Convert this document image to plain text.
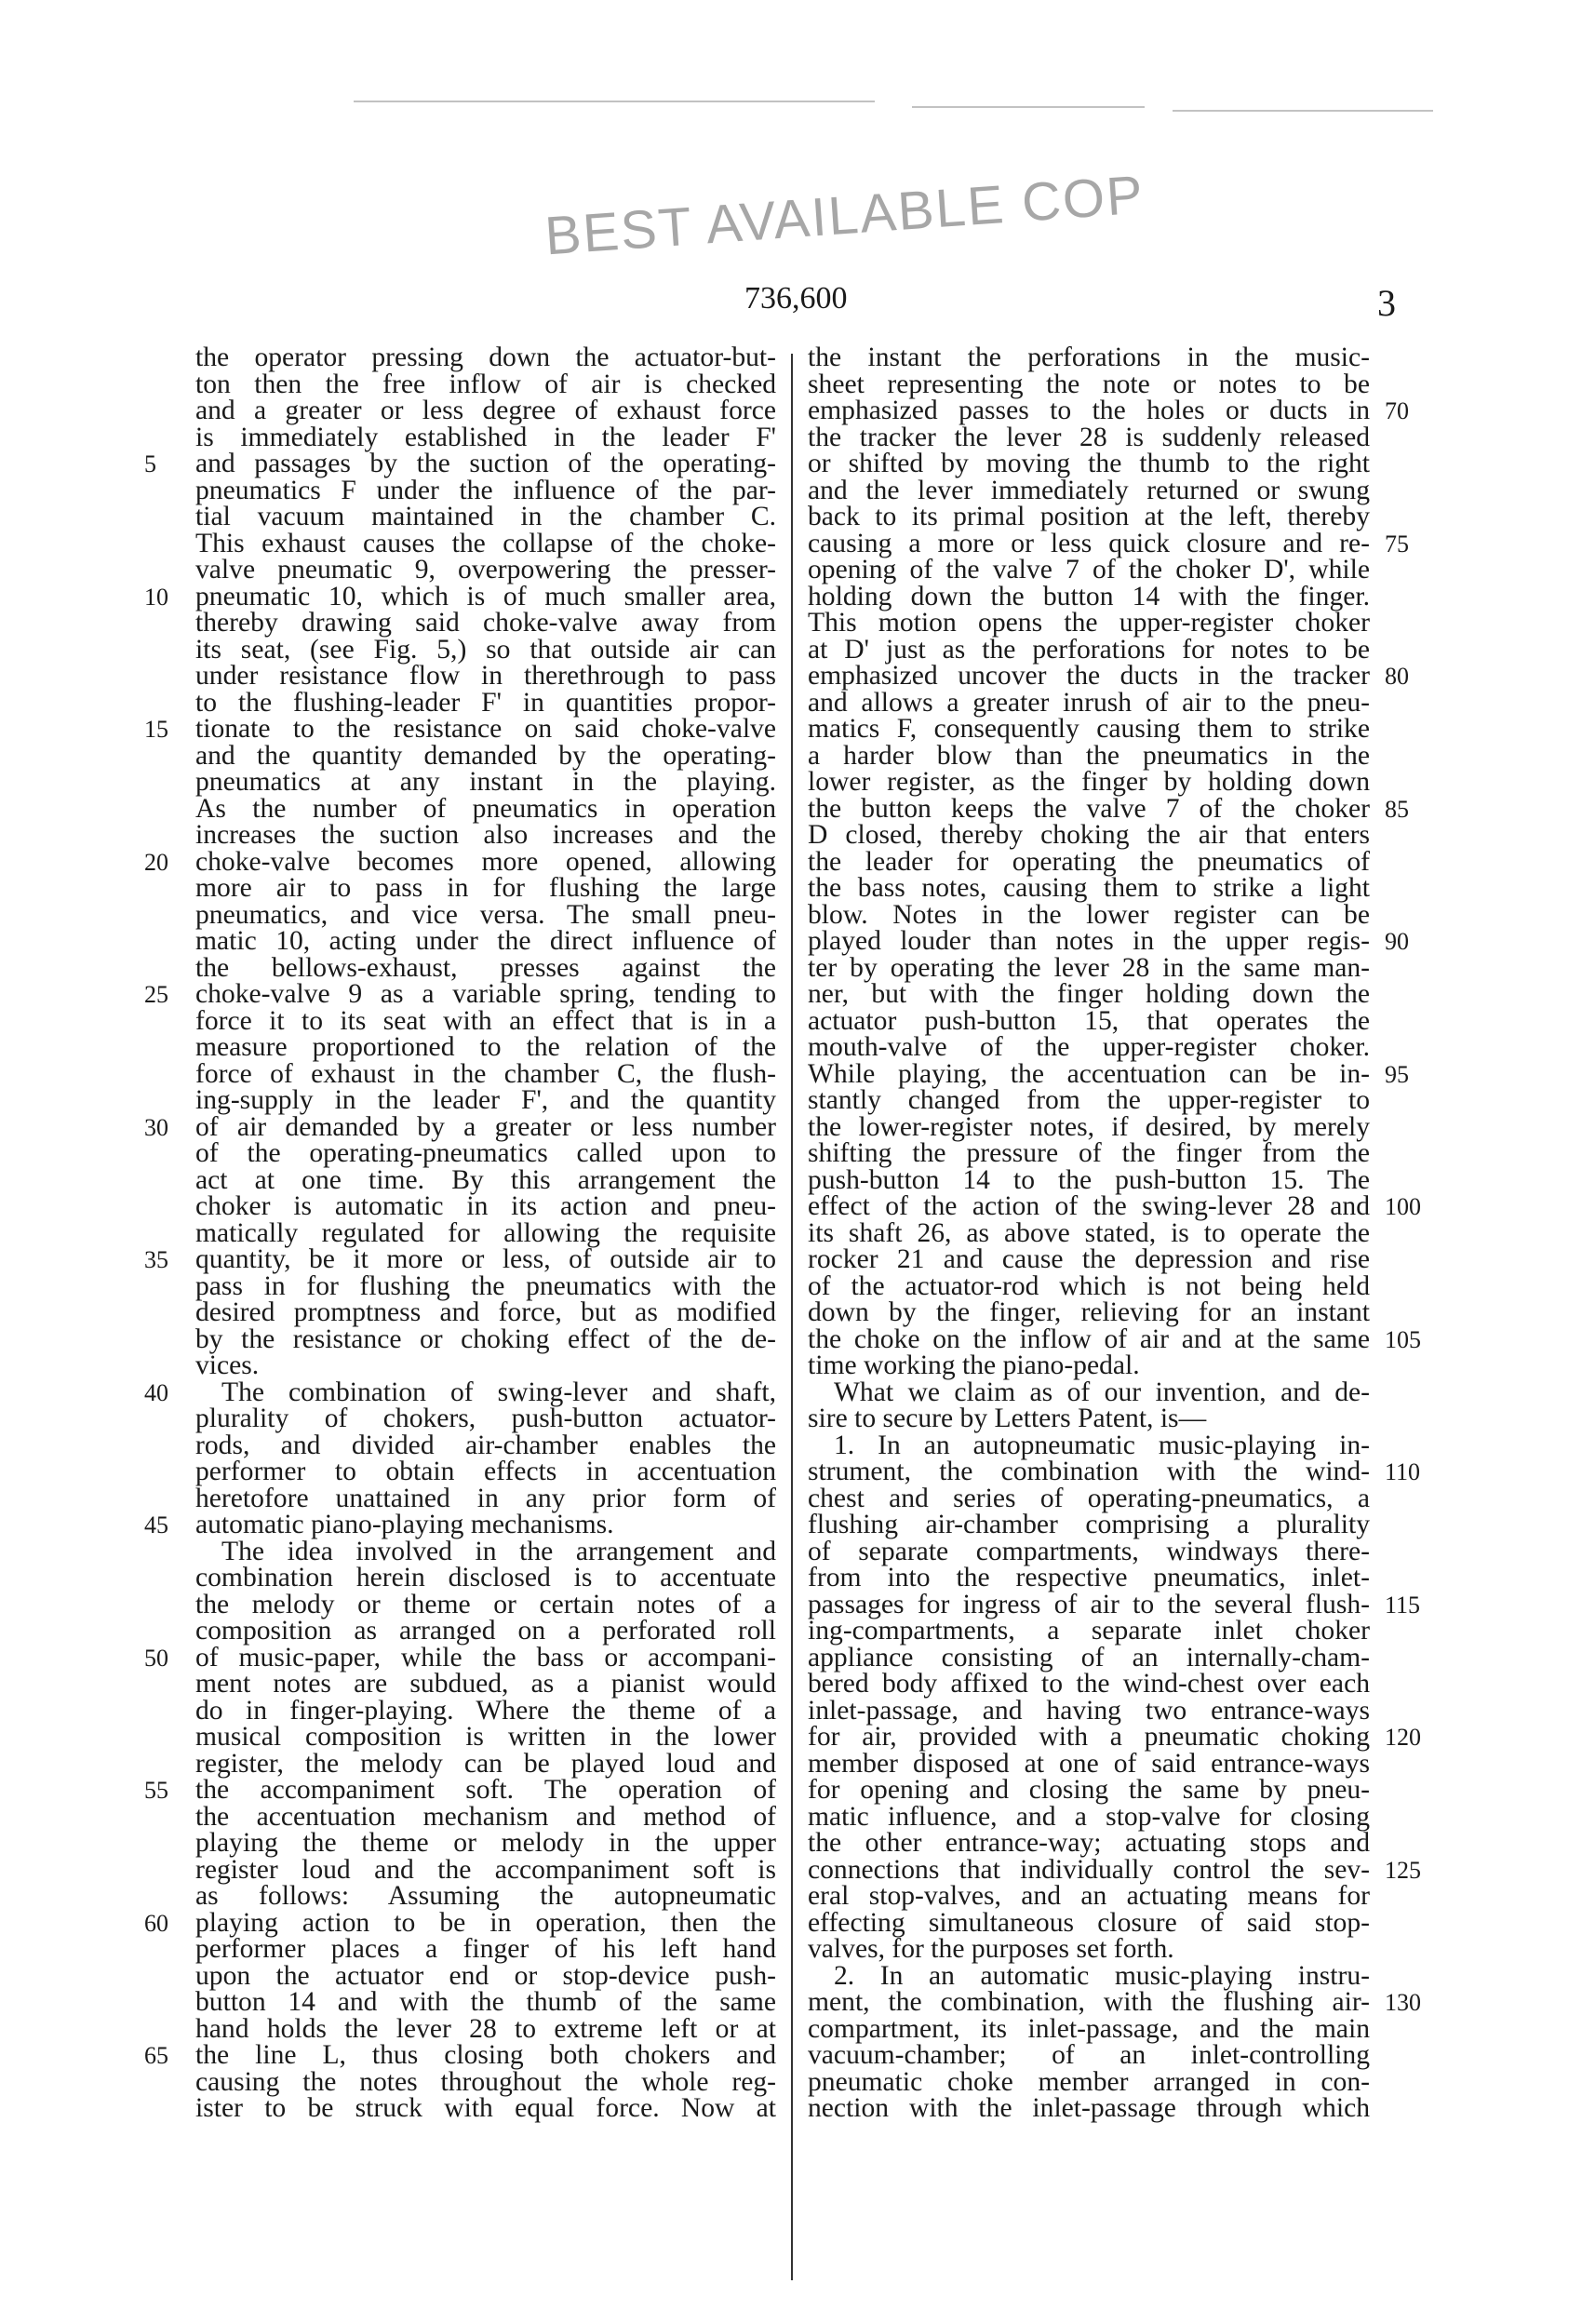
BEST AVAILABLE COP
736,600	3
the operator pressing down the actuator-but-
ton then the free inflow of air is checked
and a greater or less degree of exhaust force
is immediately established in the leader F'
and passages by the suction of the operating-
pneumatics F under the influence of the par-
tial vacuum maintained in the chamber C.
This exhaust causes the collapse of the choke-
valve pneumatic 9, overpowering the presser-
pneumatic 10, which is of much smaller area,
thereby drawing said choke-valve away from
its seat, (see Fig. 5,) so that outside air can
under resistance flow in therethrough to pass
to the flushing-leader F' in quantities propor-
tionate to the resistance on said choke-valve
and the quantity demanded by the operating-
pneumatics at any instant in the playing.
As the number of pneumatics in operation
increases the suction also increases and the
choke-valve becomes more opened, allowing
more air to pass in for flushing the large
pneumatics, and vice versa. The small pneu-
matic 10, acting under the direct influence of
the bellows-exhaust, presses against the
choke-valve 9 as a variable spring, tending to
force it to its seat with an effect that is in a
measure proportioned to the relation of the
force of exhaust in the chamber C, the flush-
ing-supply in the leader F', and the quantity
of air demanded by a greater or less number
of the operating-pneumatics called upon to
act at one time. By this arrangement the
choker is automatic in its action and pneu-
matically regulated for allowing the requisite
quantity, be it more or less, of outside air to
pass in for flushing the pneumatics with the
desired promptness and force, but as modified
by the resistance or choking effect of the de-
vices.
The combination of swing-lever and shaft,
plurality of chokers, push-button actuator-
rods, and divided air-chamber enables the
performer to obtain effects in accentuation
heretofore unattained in any prior form of
automatic piano-playing mechanisms.
The idea involved in the arrangement and
combination herein disclosed is to accentuate
the melody or theme or certain notes of a
composition as arranged on a perforated roll
of music-paper, while the bass or accompani-
ment notes are subdued, as a pianist would
do in finger-playing. Where the theme of a
musical composition is written in the lower
register, the melody can be played loud and
the accompaniment soft. The operation of
the accentuation mechanism and method of
playing the theme or melody in the upper
register loud and the accompaniment soft is
as follows: Assuming the autopneumatic
playing action to be in operation, then the
performer places a finger of his left hand
upon the actuator end or stop-device push-
button 14 and with the thumb of the same
hand holds the lever 28 to extreme left or at
the line L, thus closing both chokers and
causing the notes throughout the whole reg-
ister to be struck with equal force. Now at
the instant the perforations in the music-
sheet representing the note or notes to be
emphasized passes to the holes or ducts in
the tracker the lever 28 is suddenly released
or shifted by moving the thumb to the right
and the lever immediately returned or swung
back to its primal position at the left, thereby
causing a more or less quick closure and re-
opening of the valve 7 of the choker D', while
holding down the button 14 with the finger.
This motion opens the upper-register choker
at D' just as the perforations for notes to be
emphasized uncover the ducts in the tracker
and allows a greater inrush of air to the pneu-
matics F, consequently causing them to strike
a harder blow than the pneumatics in the
lower register, as the finger by holding down
the button keeps the valve 7 of the choker
D closed, thereby choking the air that enters
the leader for operating the pneumatics of
the bass notes, causing them to strike a light
blow. Notes in the lower register can be
played louder than notes in the upper regis-
ter by operating the lever 28 in the same man-
ner, but with the finger holding down the
actuator push-button 15, that operates the
mouth-valve of the upper-register choker.
While playing, the accentuation can be in-
stantly changed from the upper-register to
the lower-register notes, if desired, by merely
shifting the pressure of the finger from the
push-button 14 to the push-button 15. The
effect of the action of the swing-lever 28 and
its shaft 26, as above stated, is to operate the
rocker 21 and cause the depression and rise
of the actuator-rod which is not being held
down by the finger, relieving for an instant
the choke on the inflow of air and at the same
time working the piano-pedal.
What we claim as of our invention, and de-
sire to secure by Letters Patent, is—
1. In an autopneumatic music-playing in-
strument, the combination with the wind-
chest and series of operating-pneumatics, a
flushing air-chamber comprising a plurality
of separate compartments, windways there-
from into the respective pneumatics, inlet-
passages for ingress of air to the several flush-
ing-compartments, a separate inlet choker
appliance consisting of an internally-cham-
bered body affixed to the wind-chest over each
inlet-passage, and having two entrance-ways
for air, provided with a pneumatic choking
member disposed at one of said entrance-ways
for opening and closing the same by pneu-
matic influence, and a stop-valve for closing
the other entrance-way; actuating stops and
connections that individually control the sev-
eral stop-valves, and an actuating means for
effecting simultaneous closure of said stop-
valves, for the purposes set forth.
2. In an automatic music-playing instru-
ment, the combination, with the flushing air-
compartment, its inlet-passage, and the main
vacuum-chamber; of an inlet-controlling
pneumatic choke member arranged in con-
nection with the inlet-passage through which
5
10
15
20
25
30
35
40
45
50
55
60
65
70
75
80
85
90
95
100
105
110
115
120
125
130
